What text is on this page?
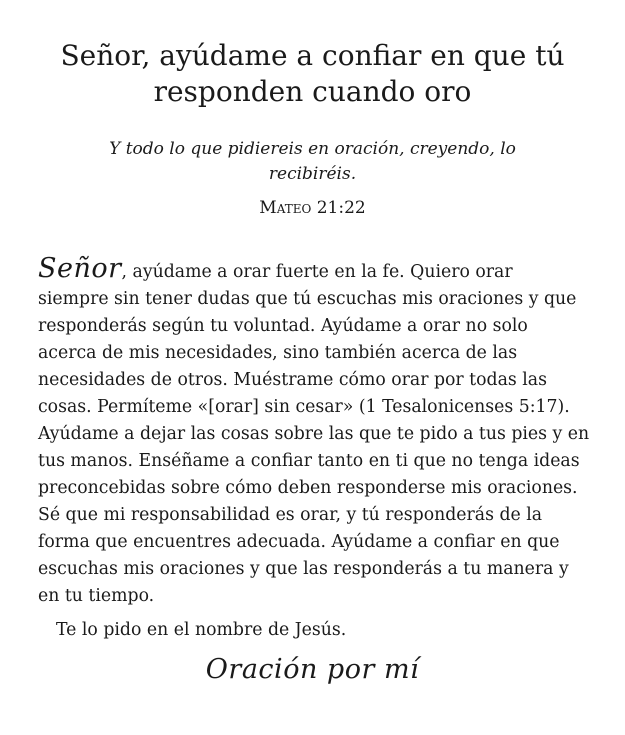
Señor, ayúdame a confiar en que tú responden cuando oro

Y todo lo que pidiereis en oración, creyendo, lo recibiréis.

Mateo 21:22

Señor, ayúdame a orar fuerte en la fe. Quiero orar
siempre sin tener dudas que tú escuchas mis oraciones y que responderás según tu voluntad. Ayúdame a orar no solo acerca de mis necesidades, sino también acerca de las necesidades de otros. Muéstrame cómo orar por todas las cosas. Permíteme «[orar] sin cesar» (1 Tesalonicenses 5:17). Ayúdame a dejar las cosas sobre las que te pido a tus pies y en tus manos. Enséñame a confiar tanto en ti que no tenga ideas preconcebidas sobre cómo deben responderse mis oraciones. Sé que mi responsabilidad es orar, y tú responderás de la forma que encuentres adecuada. Ayúdame a confiar en que escuchas mis oraciones y que las responderás a tu manera y en tu tiempo.

Te lo pido en el nombre de Jesús.

Oración por mí
